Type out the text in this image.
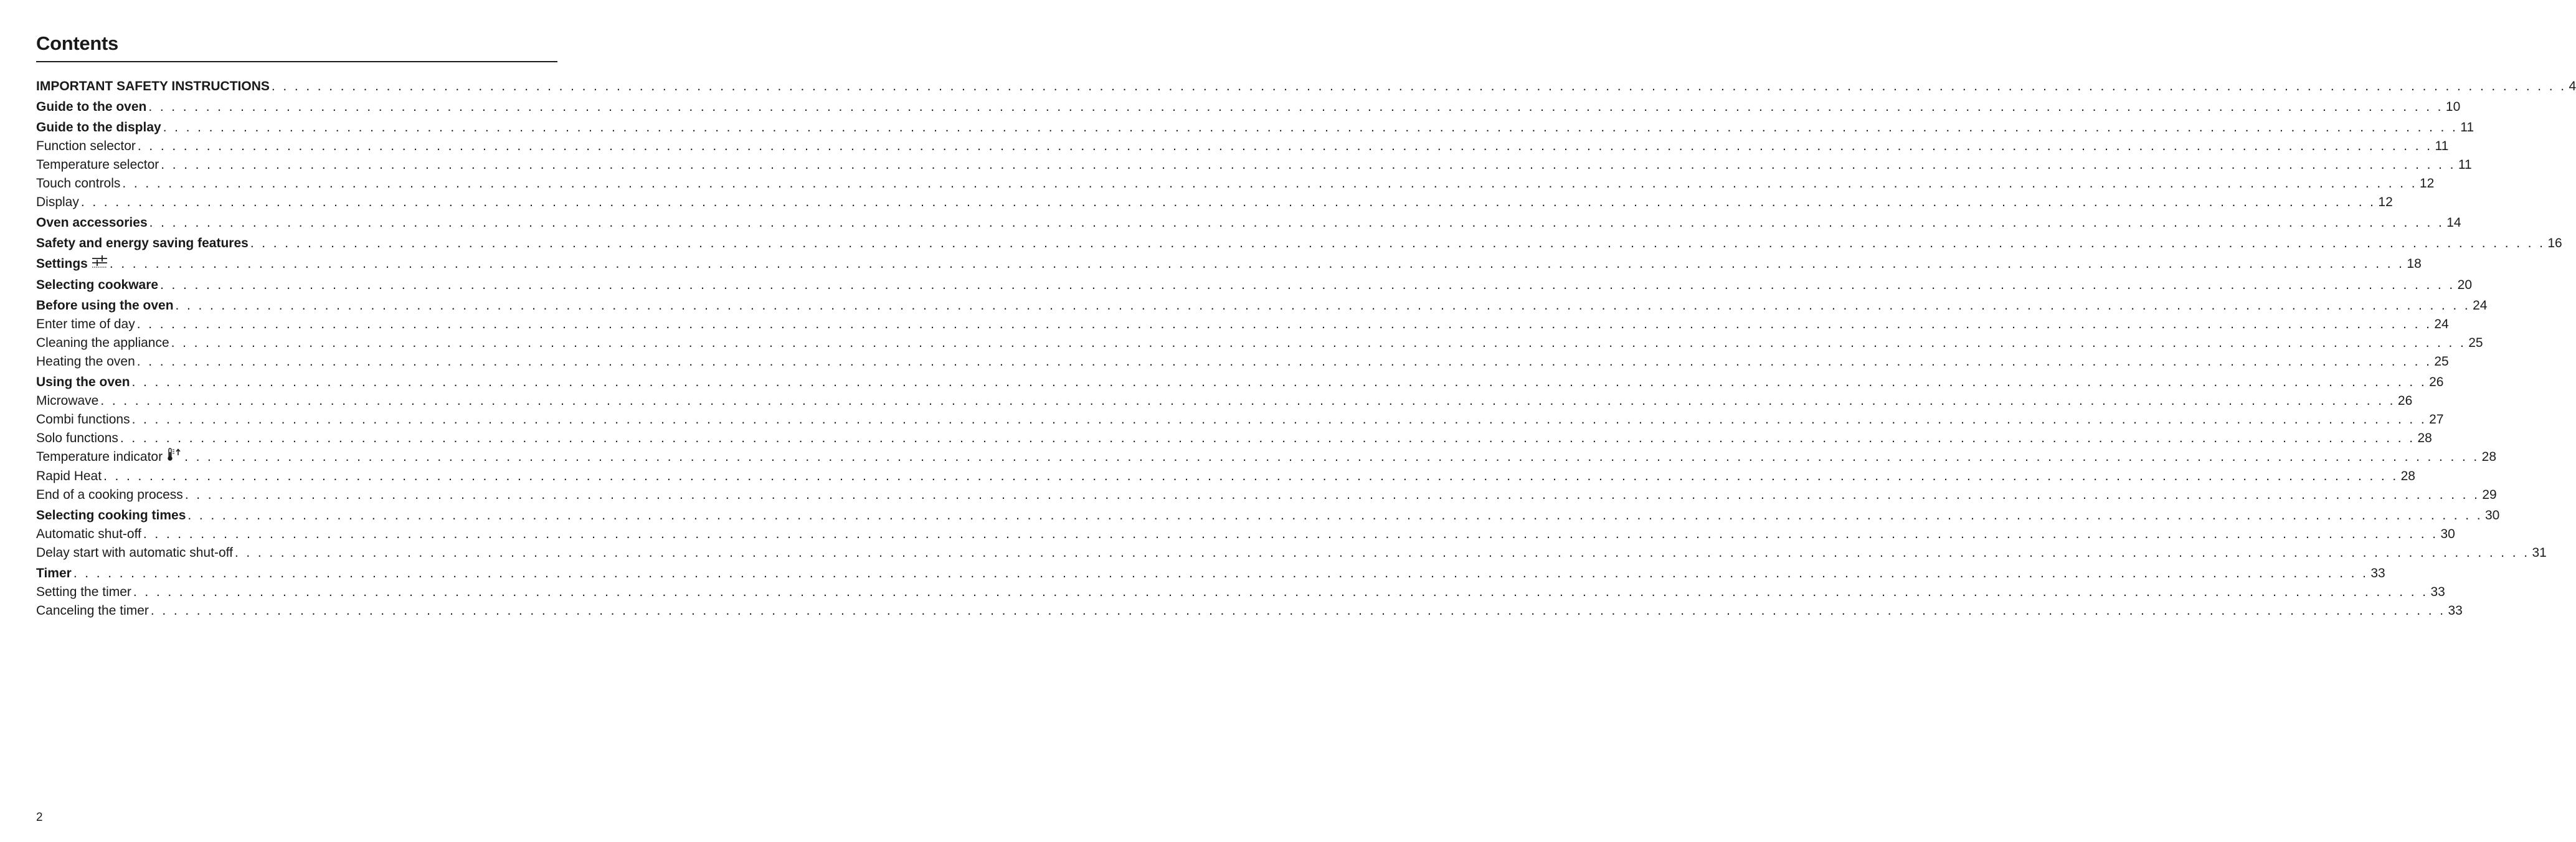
Contents
IMPORTANT SAFETY INSTRUCTIONS . . . . . . . . . . . . . . . . . . . . . . . . . . . . . . . . . . . . . . . . . . . . . . . . . . . . . . . . . . . . . . . . . . . . . . . . . . . . . . . . . . . . . . . . . . . . . . . . . . . . . . . . . . . . . . . . . . . . . . . . . . . . . . . . . . . . . . . . . . . . . . . . . . . . . . . . . . . . . . . . . . . . . . . . . . . . . . . . . . . . . . . . . . . . . . . . . . . . . . . . 4
Guide to the oven . . . . . . . . . . . . . . . . . . . . . . . . . . . . . . . . . . . . . . . . . . . . . . . . . . . . . . . . . . . . . . . . . . . . . . . . . . . . . . . . . . . . . . . . . . . . . . . . . . . . . . . . . . . . . . . . . . . . . . . . . . . . . . . . . . . . . . . . . . . . . . . . . . . . . . . . . . . . . . . . . . . . . . . . . . . . . . . . . . . . . . . . . . . . . . . . . . . . . . . . 10
Guide to the display . . . . . . . . . . . . . . . . . . . . . . . . . . . . . . . . . . . . . . . . . . . . . . . . . . . . . . . . . . . . . . . . . . . . . . . . . . . . . . . . . . . . . . . . . . . . . . . . . . . . . . . . . . . . . . . . . . . . . . . . . . . . . . . . . . . . . . . . . . . . . . . . . . . . . . . . . . . . . . . . . . . . . . . . . . . . . . . . . . . . . . . . . . . . . . . . . . . . . . . . 11
Function selector . . . . . . . . . . . . . . . . . . . . . . . . . . . . . . . . . . . . . . . . . . . . . . . . . . . . . . . . . . . . . . . . . . . . . . . . . . . . . . . . . . . . . . . . . . . . . . . . . . . . . . . . . . . . . . . . . . . . . . . . . . . . . . . . . . . . . . . . . . . . . . . . . . . . . . . . . . . . . . . . . . . . . . . . . . . . . . . . . . . . . . . . . . . . . . . . . . . . . . . . 11
Temperature selector . . . . . . . . . . . . . . . . . . . . . . . . . . . . . . . . . . . . . . . . . . . . . . . . . . . . . . . . . . . . . . . . . . . . . . . . . . . . . . . . . . . . . . . . . . . . . . . . . . . . . . . . . . . . . . . . . . . . . . . . . . . . . . . . . . . . . . . . . . . . . . . . . . . . . . . . . . . . . . . . . . . . . . . . . . . . . . . . . . . . . . . . . . . . . . . . . . . . . . . . 11
Touch controls . . . . . . . . . . . . . . . . . . . . . . . . . . . . . . . . . . . . . . . . . . . . . . . . . . . . . . . . . . . . . . . . . . . . . . . . . . . . . . . . . . . . . . . . . . . . . . . . . . . . . . . . . . . . . . . . . . . . . . . . . . . . . . . . . . . . . . . . . . . . . . . . . . . . . . . . . . . . . . . . . . . . . . . . . . . . . . . . . . . . . . . . . . . . . . . . . . . . . . . . 12
Display . . . . . . . . . . . . . . . . . . . . . . . . . . . . . . . . . . . . . . . . . . . . . . . . . . . . . . . . . . . . . . . . . . . . . . . . . . . . . . . . . . . . . . . . . . . . . . . . . . . . . . . . . . . . . . . . . . . . . . . . . . . . . . . . . . . . . . . . . . . . . . . . . . . . . . . . . . . . . . . . . . . . . . . . . . . . . . . . . . . . . . . . . . . . . . . . . . . . . . . . 12
Oven accessories . . . . . . . . . . . . . . . . . . . . . . . . . . . . . . . . . . . . . . . . . . . . . . . . . . . . . . . . . . . . . . . . . . . . . . . . . . . . . . . . . . . . . . . . . . . . . . . . . . . . . . . . . . . . . . . . . . . . . . . . . . . . . . . . . . . . . . . . . . . . . . . . . . . . . . . . . . . . . . . . . . . . . . . . . . . . . . . . . . . . . . . . . . . . . . . . . . . . . . . . 14
Safety and energy saving features . . . . . . . . . . . . . . . . . . . . . . . . . . . . . . . . . . . . . . . . . . . . . . . . . . . . . . . . . . . . . . . . . . . . . . . . . . . . . . . . . . . . . . . . . . . . . . . . . . . . . . . . . . . . . . . . . . . . . . . . . . . . . . . . . . . . . . . . . . . . . . . . . . . . . . . . . . . . . . . . . . . . . . . . . . . . . . . . . . . . . . . . . . . . . . . . . . . . . . . . 16
Settings	. . . . . . . . . . . . . . . . . . . . . . . . . . . . . . . . . . . . . . . . . . . . . . . . . . . . . . . . . . . . . . . . . . . . . . . . . . . . . . . . . . . . . . . . . . . . . . . . . . . . . . . . . . . . . . . . . . . . . . . . . . . . . . . . . . . . . . . . . . . . . . . . . . . . . . . . . . . . . . . . . . . . . . . . . . . . . . . . . . . . . . . . . . . . . . . . . . . . . . . . 18
Selecting cookware . . . . . . . . . . . . . . . . . . . . . . . . . . . . . . . . . . . . . . . . . . . . . . . . . . . . . . . . . . . . . . . . . . . . . . . . . . . . . . . . . . . . . . . . . . . . . . . . . . . . . . . . . . . . . . . . . . . . . . . . . . . . . . . . . . . . . . . . . . . . . . . . . . . . . . . . . . . . . . . . . . . . . . . . . . . . . . . . . . . . . . . . . . . . . . . . . . . . . . . . 20
Before using the oven . . . . . . . . . . . . . . . . . . . . . . . . . . . . . . . . . . . . . . . . . . . . . . . . . . . . . . . . . . . . . . . . . . . . . . . . . . . . . . . . . . . . . . . . . . . . . . . . . . . . . . . . . . . . . . . . . . . . . . . . . . . . . . . . . . . . . . . . . . . . . . . . . . . . . . . . . . . . . . . . . . . . . . . . . . . . . . . . . . . . . . . . . . . . . . . . . . . . . . . . 24
Enter time of day . . . . . . . . . . . . . . . . . . . . . . . . . . . . . . . . . . . . . . . . . . . . . . . . . . . . . . . . . . . . . . . . . . . . . . . . . . . . . . . . . . . . . . . . . . . . . . . . . . . . . . . . . . . . . . . . . . . . . . . . . . . . . . . . . . . . . . . . . . . . . . . . . . . . . . . . . . . . . . . . . . . . . . . . . . . . . . . . . . . . . . . . . . . . . . . . . . . . . . . . 24
Cleaning the appliance . . . . . . . . . . . . . . . . . . . . . . . . . . . . . . . . . . . . . . . . . . . . . . . . . . . . . . . . . . . . . . . . . . . . . . . . . . . . . . . . . . . . . . . . . . . . . . . . . . . . . . . . . . . . . . . . . . . . . . . . . . . . . . . . . . . . . . . . . . . . . . . . . . . . . . . . . . . . . . . . . . . . . . . . . . . . . . . . . . . . . . . . . . . . . . . . . . . . . . . . 25
Heating the oven . . . . . . . . . . . . . . . . . . . . . . . . . . . . . . . . . . . . . . . . . . . . . . . . . . . . . . . . . . . . . . . . . . . . . . . . . . . . . . . . . . . . . . . . . . . . . . . . . . . . . . . . . . . . . . . . . . . . . . . . . . . . . . . . . . . . . . . . . . . . . . . . . . . . . . . . . . . . . . . . . . . . . . . . . . . . . . . . . . . . . . . . . . . . . . . . . . . . . . . . 25
Using the oven . . . . . . . . . . . . . . . . . . . . . . . . . . . . . . . . . . . . . . . . . . . . . . . . . . . . . . . . . . . . . . . . . . . . . . . . . . . . . . . . . . . . . . . . . . . . . . . . . . . . . . . . . . . . . . . . . . . . . . . . . . . . . . . . . . . . . . . . . . . . . . . . . . . . . . . . . . . . . . . . . . . . . . . . . . . . . . . . . . . . . . . . . . . . . . . . . . . . . . . . 26
Microwave . . . . . . . . . . . . . . . . . . . . . . . . . . . . . . . . . . . . . . . . . . . . . . . . . . . . . . . . . . . . . . . . . . . . . . . . . . . . . . . . . . . . . . . . . . . . . . . . . . . . . . . . . . . . . . . . . . . . . . . . . . . . . . . . . . . . . . . . . . . . . . . . . . . . . . . . . . . . . . . . . . . . . . . . . . . . . . . . . . . . . . . . . . . . . . . . . . . . . . . . 26
Combi functions . . . . . . . . . . . . . . . . . . . . . . . . . . . . . . . . . . . . . . . . . . . . . . . . . . . . . . . . . . . . . . . . . . . . . . . . . . . . . . . . . . . . . . . . . . . . . . . . . . . . . . . . . . . . . . . . . . . . . . . . . . . . . . . . . . . . . . . . . . . . . . . . . . . . . . . . . . . . . . . . . . . . . . . . . . . . . . . . . . . . . . . . . . . . . . . . . . . . . . . . 27
Solo functions . . . . . . . . . . . . . . . . . . . . . . . . . . . . . . . . . . . . . . . . . . . . . . . . . . . . . . . . . . . . . . . . . . . . . . . . . . . . . . . . . . . . . . . . . . . . . . . . . . . . . . . . . . . . . . . . . . . . . . . . . . . . . . . . . . . . . . . . . . . . . . . . . . . . . . . . . . . . . . . . . . . . . . . . . . . . . . . . . . . . . . . . . . . . . . . . . . . . . . . . 28
Temperature indicator	. . . . . . . . . . . . . . . . . . . . . . . . . . . . . . . . . . . . . . . . . . . . . . . . . . . . . . . . . . . . . . . . . . . . . . . . . . . . . . . . . . . . . . . . . . . . . . . . . . . . . . . . . . . . . . . . . . . . . . . . . . . . . . . . . . . . . . . . . . . . . . . . . . . . . . . . . . . . . . . . . . . . . . . . . . . . . . . . . . . . . . . . . . . . . . . . . . . . . . . . 28
Rapid Heat . . . . . . . . . . . . . . . . . . . . . . . . . . . . . . . . . . . . . . . . . . . . . . . . . . . . . . . . . . . . . . . . . . . . . . . . . . . . . . . . . . . . . . . . . . . . . . . . . . . . . . . . . . . . . . . . . . . . . . . . . . . . . . . . . . . . . . . . . . . . . . . . . . . . . . . . . . . . . . . . . . . . . . . . . . . . . . . . . . . . . . . . . . . . . . . . . . . . . . . . 28
End of a cooking process . . . . . . . . . . . . . . . . . . . . . . . . . . . . . . . . . . . . . . . . . . . . . . . . . . . . . . . . . . . . . . . . . . . . . . . . . . . . . . . . . . . . . . . . . . . . . . . . . . . . . . . . . . . . . . . . . . . . . . . . . . . . . . . . . . . . . . . . . . . . . . . . . . . . . . . . . . . . . . . . . . . . . . . . . . . . . . . . . . . . . . . . . . . . . . . . . . . . . . . . 29
Selecting cooking times . . . . . . . . . . . . . . . . . . . . . . . . . . . . . . . . . . . . . . . . . . . . . . . . . . . . . . . . . . . . . . . . . . . . . . . . . . . . . . . . . . . . . . . . . . . . . . . . . . . . . . . . . . . . . . . . . . . . . . . . . . . . . . . . . . . . . . . . . . . . . . . . . . . . . . . . . . . . . . . . . . . . . . . . . . . . . . . . . . . . . . . . . . . . . . . . . . . . . . . . 30
Automatic shut-off . . . . . . . . . . . . . . . . . . . . . . . . . . . . . . . . . . . . . . . . . . . . . . . . . . . . . . . . . . . . . . . . . . . . . . . . . . . . . . . . . . . . . . . . . . . . . . . . . . . . . . . . . . . . . . . . . . . . . . . . . . . . . . . . . . . . . . . . . . . . . . . . . . . . . . . . . . . . . . . . . . . . . . . . . . . . . . . . . . . . . . . . . . . . . . . . . . . . . . . . 30
Delay start with automatic shut-off . . . . . . . . . . . . . . . . . . . . . . . . . . . . . . . . . . . . . . . . . . . . . . . . . . . . . . . . . . . . . . . . . . . . . . . . . . . . . . . . . . . . . . . . . . . . . . . . . . . . . . . . . . . . . . . . . . . . . . . . . . . . . . . . . . . . . . . . . . . . . . . . . . . . . . . . . . . . . . . . . . . . . . . . . . . . . . . . . . . . . . . . . . . . . . . . . . . . . . . . 31
Timer . . . . . . . . . . . . . . . . . . . . . . . . . . . . . . . . . . . . . . . . . . . . . . . . . . . . . . . . . . . . . . . . . . . . . . . . . . . . . . . . . . . . . . . . . . . . . . . . . . . . . . . . . . . . . . . . . . . . . . . . . . . . . . . . . . . . . . . . . . . . . . . . . . . . . . . . . . . . . . . . . . . . . . . . . . . . . . . . . . . . . . . . . . . . . . . . . . . . . . . . 33
Setting the timer . . . . . . . . . . . . . . . . . . . . . . . . . . . . . . . . . . . . . . . . . . . . . . . . . . . . . . . . . . . . . . . . . . . . . . . . . . . . . . . . . . . . . . . . . . . . . . . . . . . . . . . . . . . . . . . . . . . . . . . . . . . . . . . . . . . . . . . . . . . . . . . . . . . . . . . . . . . . . . . . . . . . . . . . . . . . . . . . . . . . . . . . . . . . . . . . . . . . . . . . 33
Canceling the timer . . . . . . . . . . . . . . . . . . . . . . . . . . . . . . . . . . . . . . . . . . . . . . . . . . . . . . . . . . . . . . . . . . . . . . . . . . . . . . . . . . . . . . . . . . . . . . . . . . . . . . . . . . . . . . . . . . . . . . . . . . . . . . . . . . . . . . . . . . . . . . . . . . . . . . . . . . . . . . . . . . . . . . . . . . . . . . . . . . . . . . . . . . . . . . . . . . . . . . . . 33
2
